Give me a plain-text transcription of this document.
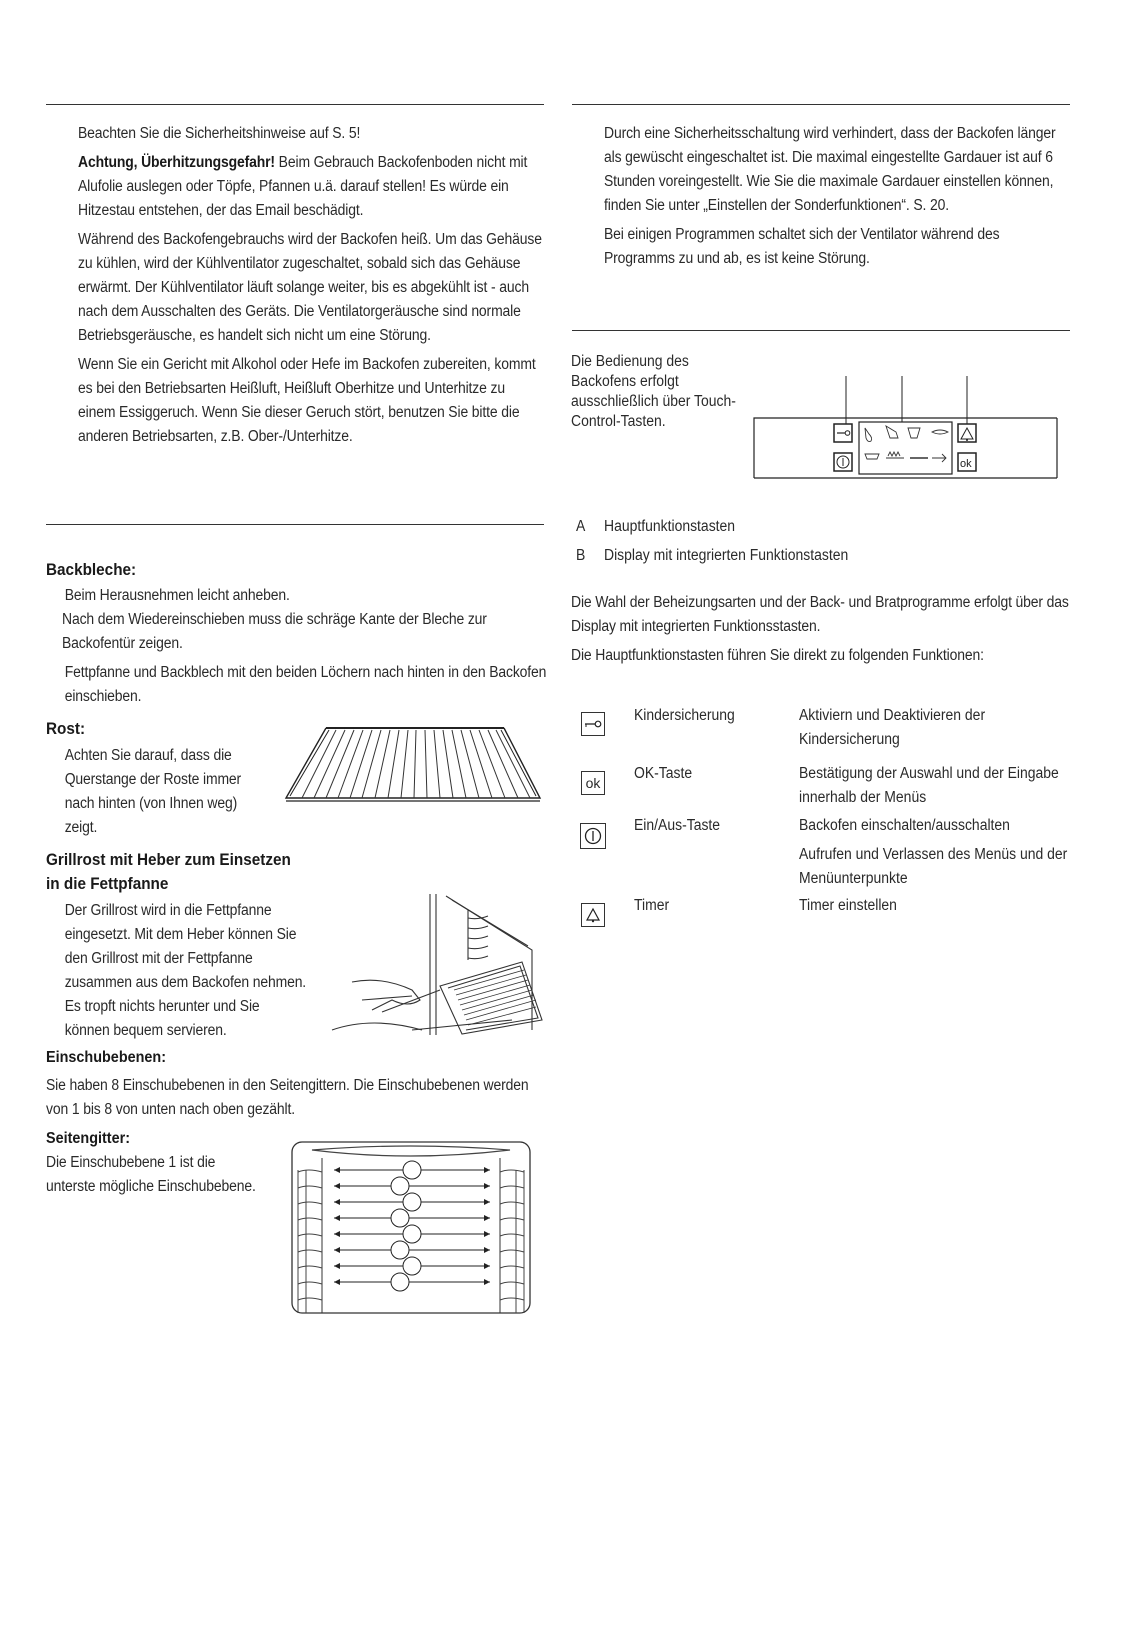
Beachten Sie die Sicherheitshinweise auf S. 5!

Achtung, Überhitzungsgefahr! Beim Gebrauch Backofenboden nicht mit Alufolie auslegen oder Töpfe, Pfannen u.ä. darauf stellen! Es würde ein Hitzestau entstehen, der das Email beschädigt.

Während des Backofengebrauchs wird der Backofen heiß. Um das Gehäuse zu kühlen, wird der Kühlventilator zugeschaltet, sobald sich das Gehäuse erwärmt. Der Kühlventilator läuft solange weiter, bis es abgekühlt ist - auch nach dem Ausschalten des Geräts. Die Ventilatorgeräusche sind normale Betriebsgeräusche, es handelt sich nicht um eine Störung.

Wenn Sie ein Gericht mit Alkohol oder Hefe im Backofen zubereiten, kommt es bei den Betriebsarten Heißluft, Heißluft Oberhitze und Unterhitze zu einem Essiggeruch. Wenn Sie dieser Geruch stört, benutzen Sie bitte die anderen Betriebsarten, z.B. Ober-/Unterhitze.

Backbleche:

Beim Herausnehmen leicht anheben.

Nach dem Wiedereinschieben muss die schräge Kante der Bleche zur Backofentür zeigen.

Fettpfanne und Backblech mit den beiden Löchern nach hinten in den Backofen einschieben.

Rost:
Achten Sie darauf, dass die Querstange der Roste immer nach hinten (von Ihnen weg) zeigt.
Grillrost mit Heber zum Einsetzen in die Fettpfanne
Der Grillrost wird in die Fettpfanne eingesetzt. Mit dem Heber können Sie den Grillrost mit der Fettpfanne zusammen aus dem Backofen nehmen. Es tropft nichts herunter und Sie können bequem servieren.
Einschubebenen:
Sie haben 8 Einschubebenen in den Seitengittern. Die Einschubebenen werden von 1 bis 8 von unten nach oben gezählt.
Seitengitter:
Die Einschubebene 1 ist die unterste mögliche Einschubebene.

Durch eine Sicherheitsschaltung wird verhindert, dass der Backofen länger als gewüscht eingeschaltet ist. Die maximal eingestellte Gardauer ist auf 6 Stunden voreingestellt. Wie Sie die maximale Gardauer einstellen können, finden Sie unter „Einstellen der Sonderfunktionen“. S. 20.

Bei einigen Programmen schaltet sich der Ventilator während des Programms zu und ab, es ist keine Störung.

Die Bedienung des Backofens erfolgt ausschließlich über Touch-Control-Tasten.
ok
A Hauptfunktionstasten
B Display mit integrierten Funktionstasten

Die Wahl der Beheizungsarten und der Back- und Bratprogramme erfolgt über das Display mit integrierten Funktionsstasten.

Die Hauptfunktionstasten führen Sie direkt zu folgenden Funktionen:

Kindersicherung	Aktiviern und Deaktivieren der Kindersicherung
ok
OK-Taste	Bestätigung der Auswahl und der Eingabe innerhalb der Menüs
Ein/Aus-Taste	Backofen einschalten/ausschalten
Aufrufen und Verlassen des Menüs und der Menüunterpunkte
Timer	Timer einstellen
